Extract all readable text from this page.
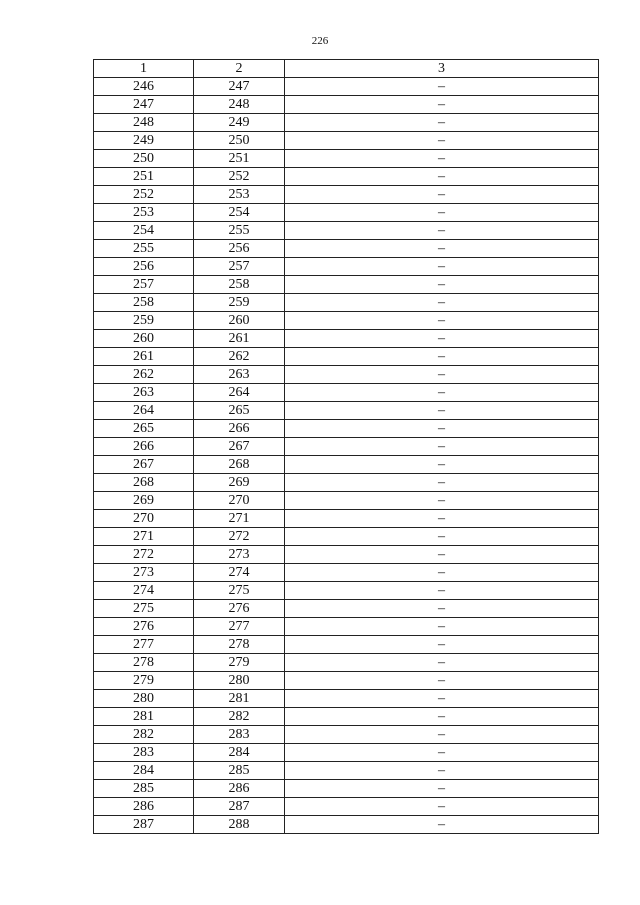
226
1	2	3
246	247	–
247	248	–
248	249	–
249	250	–
250	251	–
251	252	–
252	253	–
253	254	–
254	255	–
255	256	–
256	257	–
257	258	–
258	259	–
259	260	–
260	261	–
261	262	–
262	263	–
263	264	–
264	265	–
265	266	–
266	267	–
267	268	–
268	269	–
269	270	–
270	271	–
271	272	–
272	273	–
273	274	–
274	275	–
275	276	–
276	277	–
277	278	–
278	279	–
279	280	–
280	281	–
281	282	–
282	283	–
283	284	–
284	285	–
285	286	–
286	287	–
287	288	–
